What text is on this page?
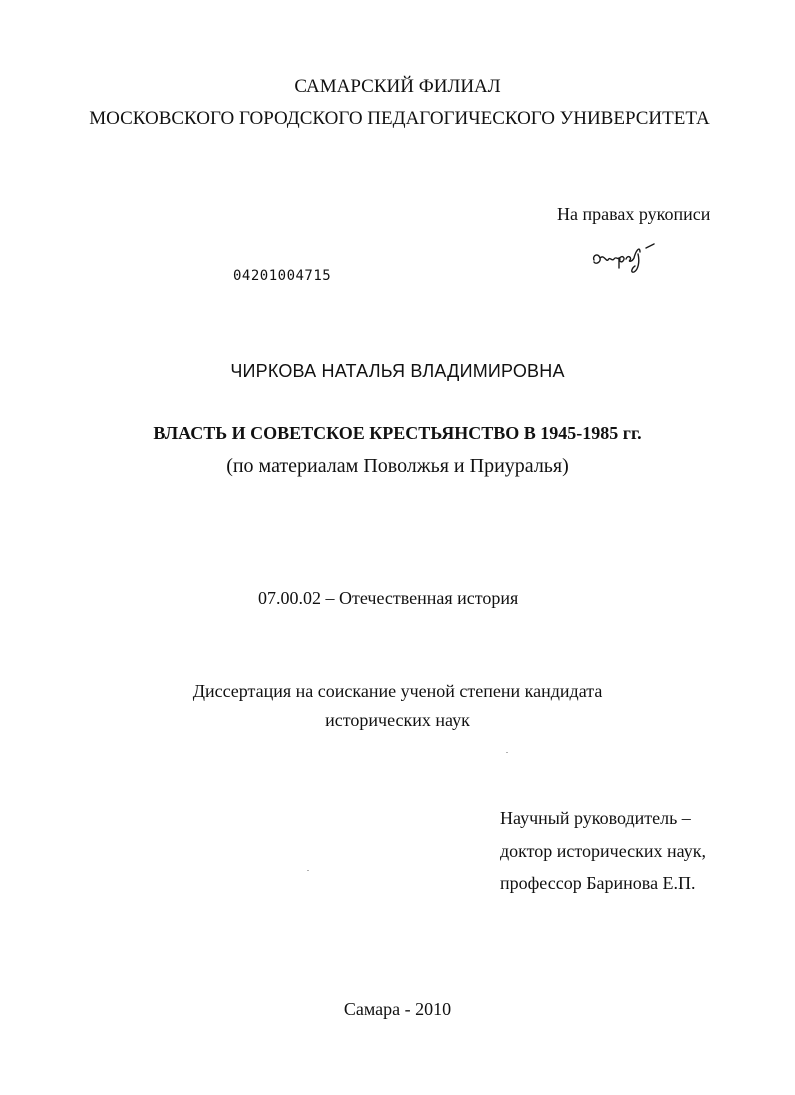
САМАРСКИЙ ФИЛИАЛ
МОСКОВСКОГО ГОРОДСКОГО ПЕДАГОГИЧЕСКОГО УНИВЕРСИТЕТА
На правах рукописи
04201004715
ЧИРКОВА НАТАЛЬЯ ВЛАДИМИРОВНА
ВЛАСТЬ И СОВЕТСКОЕ КРЕСТЬЯНСТВО В 1945-1985 гг.
(по материалам Поволжья и Приуралья)
07.00.02 – Отечественная история
Диссертация на соискание ученой степени кандидата
исторических наук
Научный руководитель –
доктор исторических наук,
профессор Баринова Е.П.
Самара - 2010
